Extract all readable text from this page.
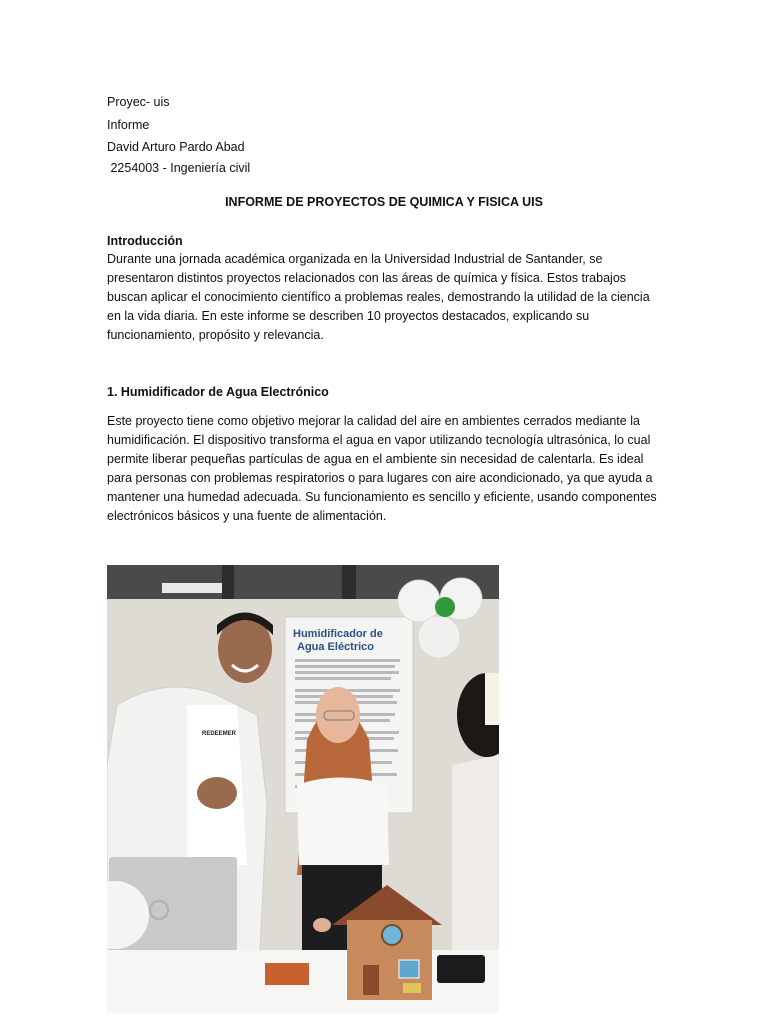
Proyec- uis
Informe
David Arturo Pardo Abad
2254003 - Ingeniería civil
INFORME DE PROYECTOS DE QUIMICA Y FISICA UIS
Introducción

Durante una jornada académica organizada en la Universidad Industrial de Santander, se presentaron distintos proyectos relacionados con las áreas de química y física. Estos trabajos buscan aplicar el conocimiento científico a problemas reales, demostrando la utilidad de la ciencia en la vida diaria. En este informe se describen 10 proyectos destacados, explicando su funcionamiento, propósito y relevancia.

1. Humidificador de Agua Electrónico

Este proyecto tiene como objetivo mejorar la calidad del aire en ambientes cerrados mediante la humidificación. El dispositivo transforma el agua en vapor utilizando tecnología ultrasónica, lo cual permite liberar pequeñas partículas de agua en el ambiente sin necesidad de calentarla. Es ideal para personas con problemas respiratorios o para lugares con aire acondicionado, ya que ayuda a mantener una humedad adecuada. Su funcionamiento es sencillo y eficiente, usando componentes electrónicos básicos y una fuente de alimentación.

Humidificador de
Agua Eléctrico
REDEEMER
